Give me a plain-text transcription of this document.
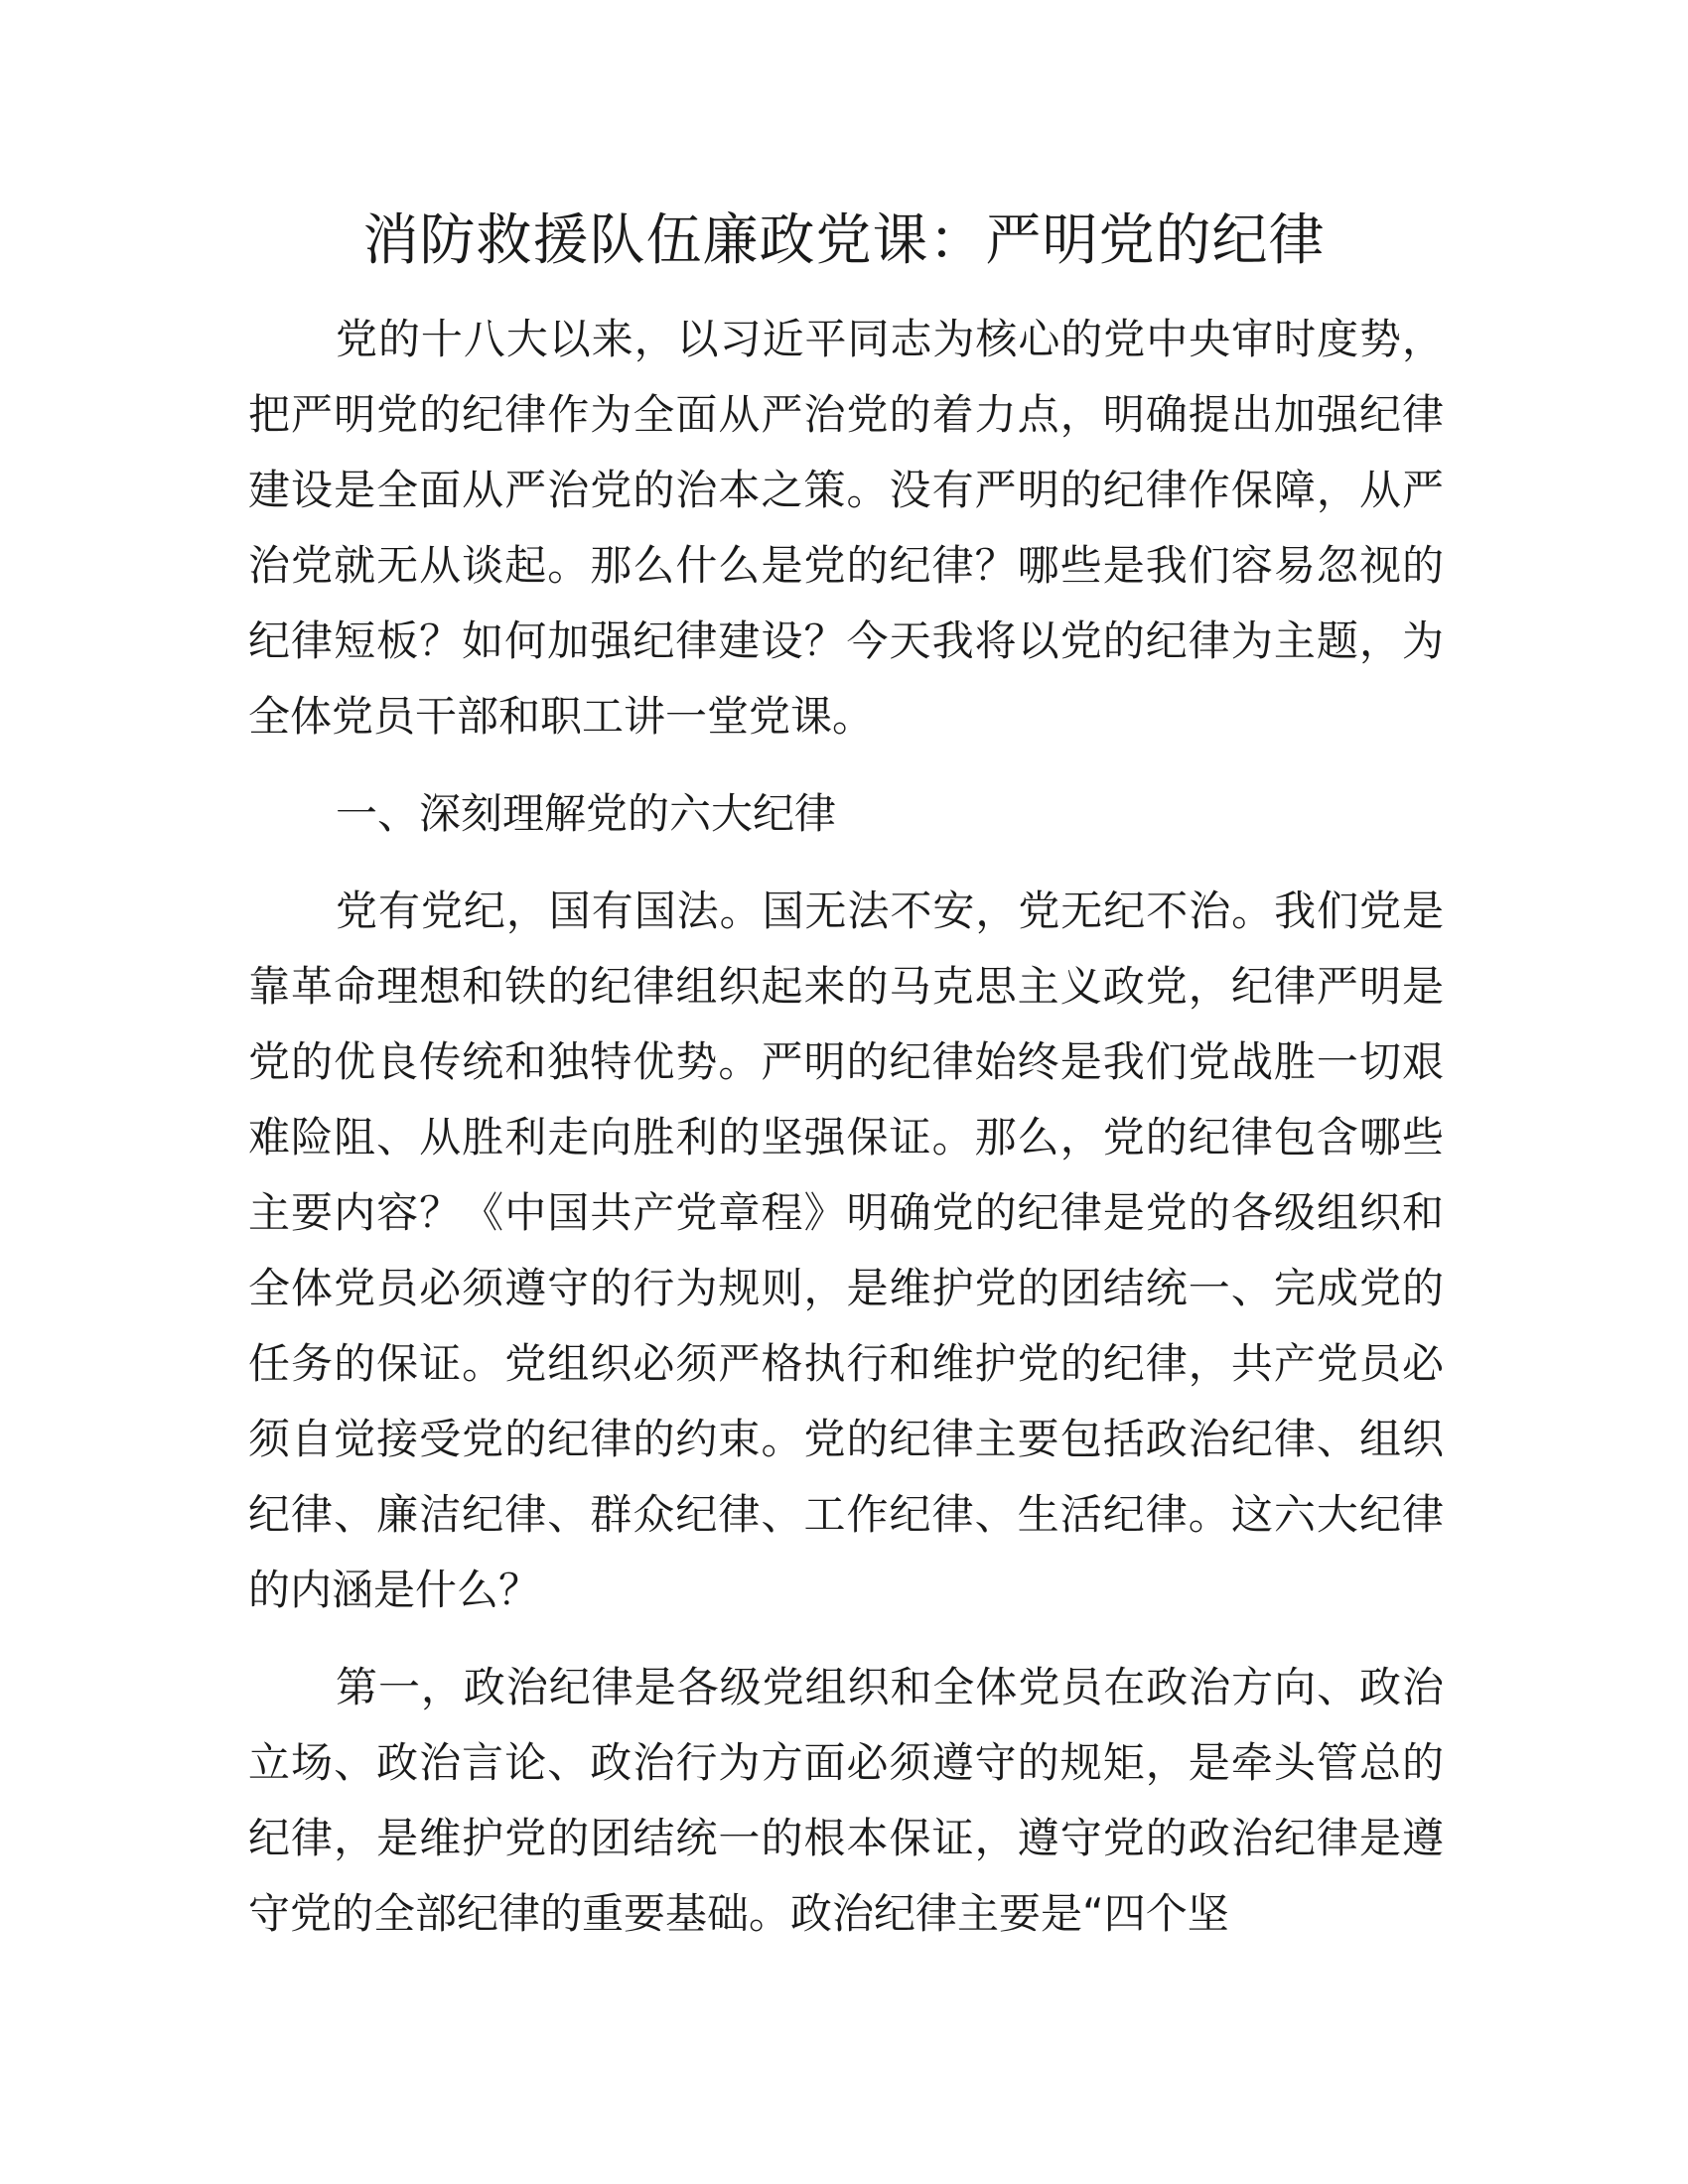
消防救援队伍廉政党课：严明党的纪律

党的十八大以来，以习近平同志为核心的党中央审时度势，把严明党的纪律作为全面从严治党的着力点，明确提出加强纪律建设是全面从严治党的治本之策。没有严明的纪律作保障，从严治党就无从谈起。那么什么是党的纪律？哪些是我们容易忽视的纪律短板？如何加强纪律建设？今天我将以党的纪律为主题，为全体党员干部和职工讲一堂党课。

一、深刻理解党的六大纪律

党有党纪，国有国法。国无法不安，党无纪不治。我们党是靠革命理想和铁的纪律组织起来的马克思主义政党，纪律严明是党的优良传统和独特优势。严明的纪律始终是我们党战胜一切艰难险阻、从胜利走向胜利的坚强保证。那么，党的纪律包含哪些主要内容？《中国共产党章程》明确党的纪律是党的各级组织和全体党员必须遵守的行为规则，是维护党的团结统一、完成党的任务的保证。党组织必须严格执行和维护党的纪律，共产党员必须自觉接受党的纪律的约束。党的纪律主要包括政治纪律、组织纪律、廉洁纪律、群众纪律、工作纪律、生活纪律。这六大纪律的内涵是什么？

第一，政治纪律是各级党组织和全体党员在政治方向、政治立场、政治言论、政治行为方面必须遵守的规矩，是牵头管总的纪律，是维护党的团结统一的根本保证，遵守党的政治纪律是遵守党的全部纪律的重要基础。政治纪律主要是“四个坚
